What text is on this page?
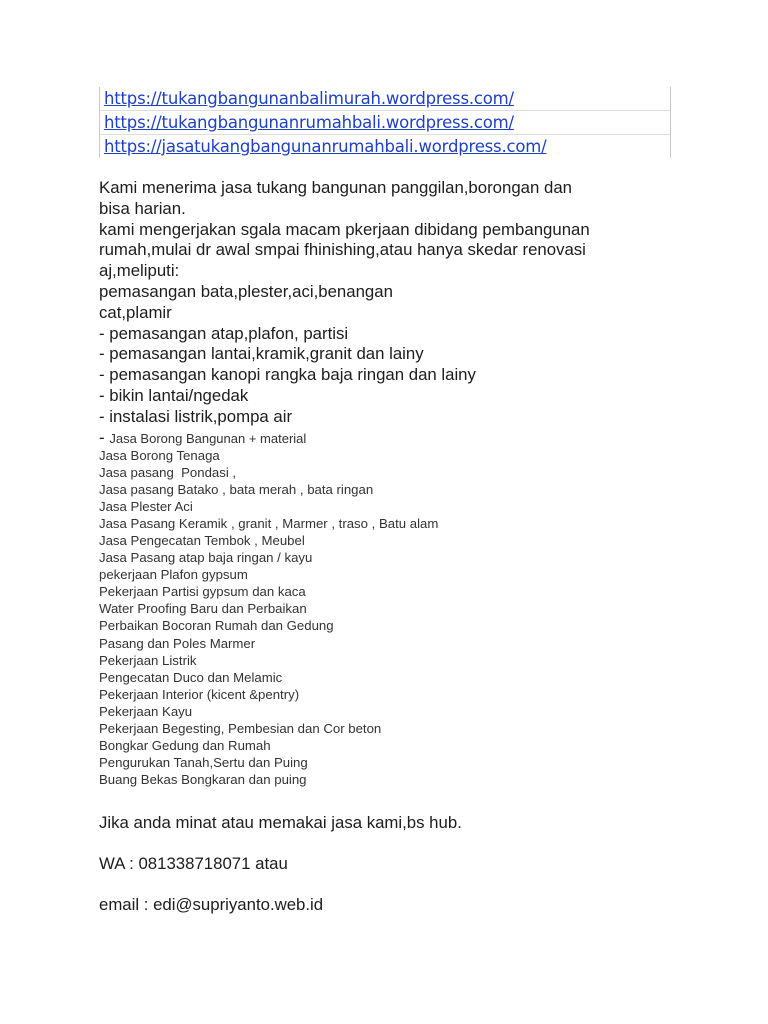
https://tukangbangunanbalimurah.wordpress.com/
https://tukangbangunanrumahbali.wordpress.com/
https://jasatukangbangunanrumahbali.wordpress.com/
Kami menerima jasa tukang bangunan panggilan,borongan dan
bisa harian.
kami mengerjakan sgala macam pkerjaan dibidang pembangunan
rumah,mulai dr awal smpai fhinishing,atau hanya skedar renovasi
aj,meliputi:
pemasangan bata,plester,aci,benangan
cat,plamir
- pemasangan atap,plafon, partisi
- pemasangan lantai,kramik,granit dan lainy
- pemasangan kanopi rangka baja ringan dan lainy
- bikin lantai/ngedak
- instalasi listrik,pompa air
- Jasa Borong Bangunan + material
Jasa Borong Tenaga
Jasa pasang  Pondasi ,
Jasa pasang Batako , bata merah , bata ringan
Jasa Plester Aci
Jasa Pasang Keramik , granit , Marmer , traso , Batu alam
Jasa Pengecatan Tembok , Meubel
Jasa Pasang atap baja ringan / kayu
pekerjaan Plafon gypsum
Pekerjaan Partisi gypsum dan kaca
Water Proofing Baru dan Perbaikan
Perbaikan Bocoran Rumah dan Gedung
Pasang dan Poles Marmer
Pekerjaan Listrik
Pengecatan Duco dan Melamic
Pekerjaan Interior (kicent &pentry)
Pekerjaan Kayu
Pekerjaan Begesting, Pembesian dan Cor beton
Bongkar Gedung dan Rumah
Pengurukan Tanah,Sertu dan Puing
Buang Bekas Bongkaran dan puing
Jika anda minat atau memakai jasa kami,bs hub.
WA : 081338718071 atau
email : edi@supriyanto.web.id
